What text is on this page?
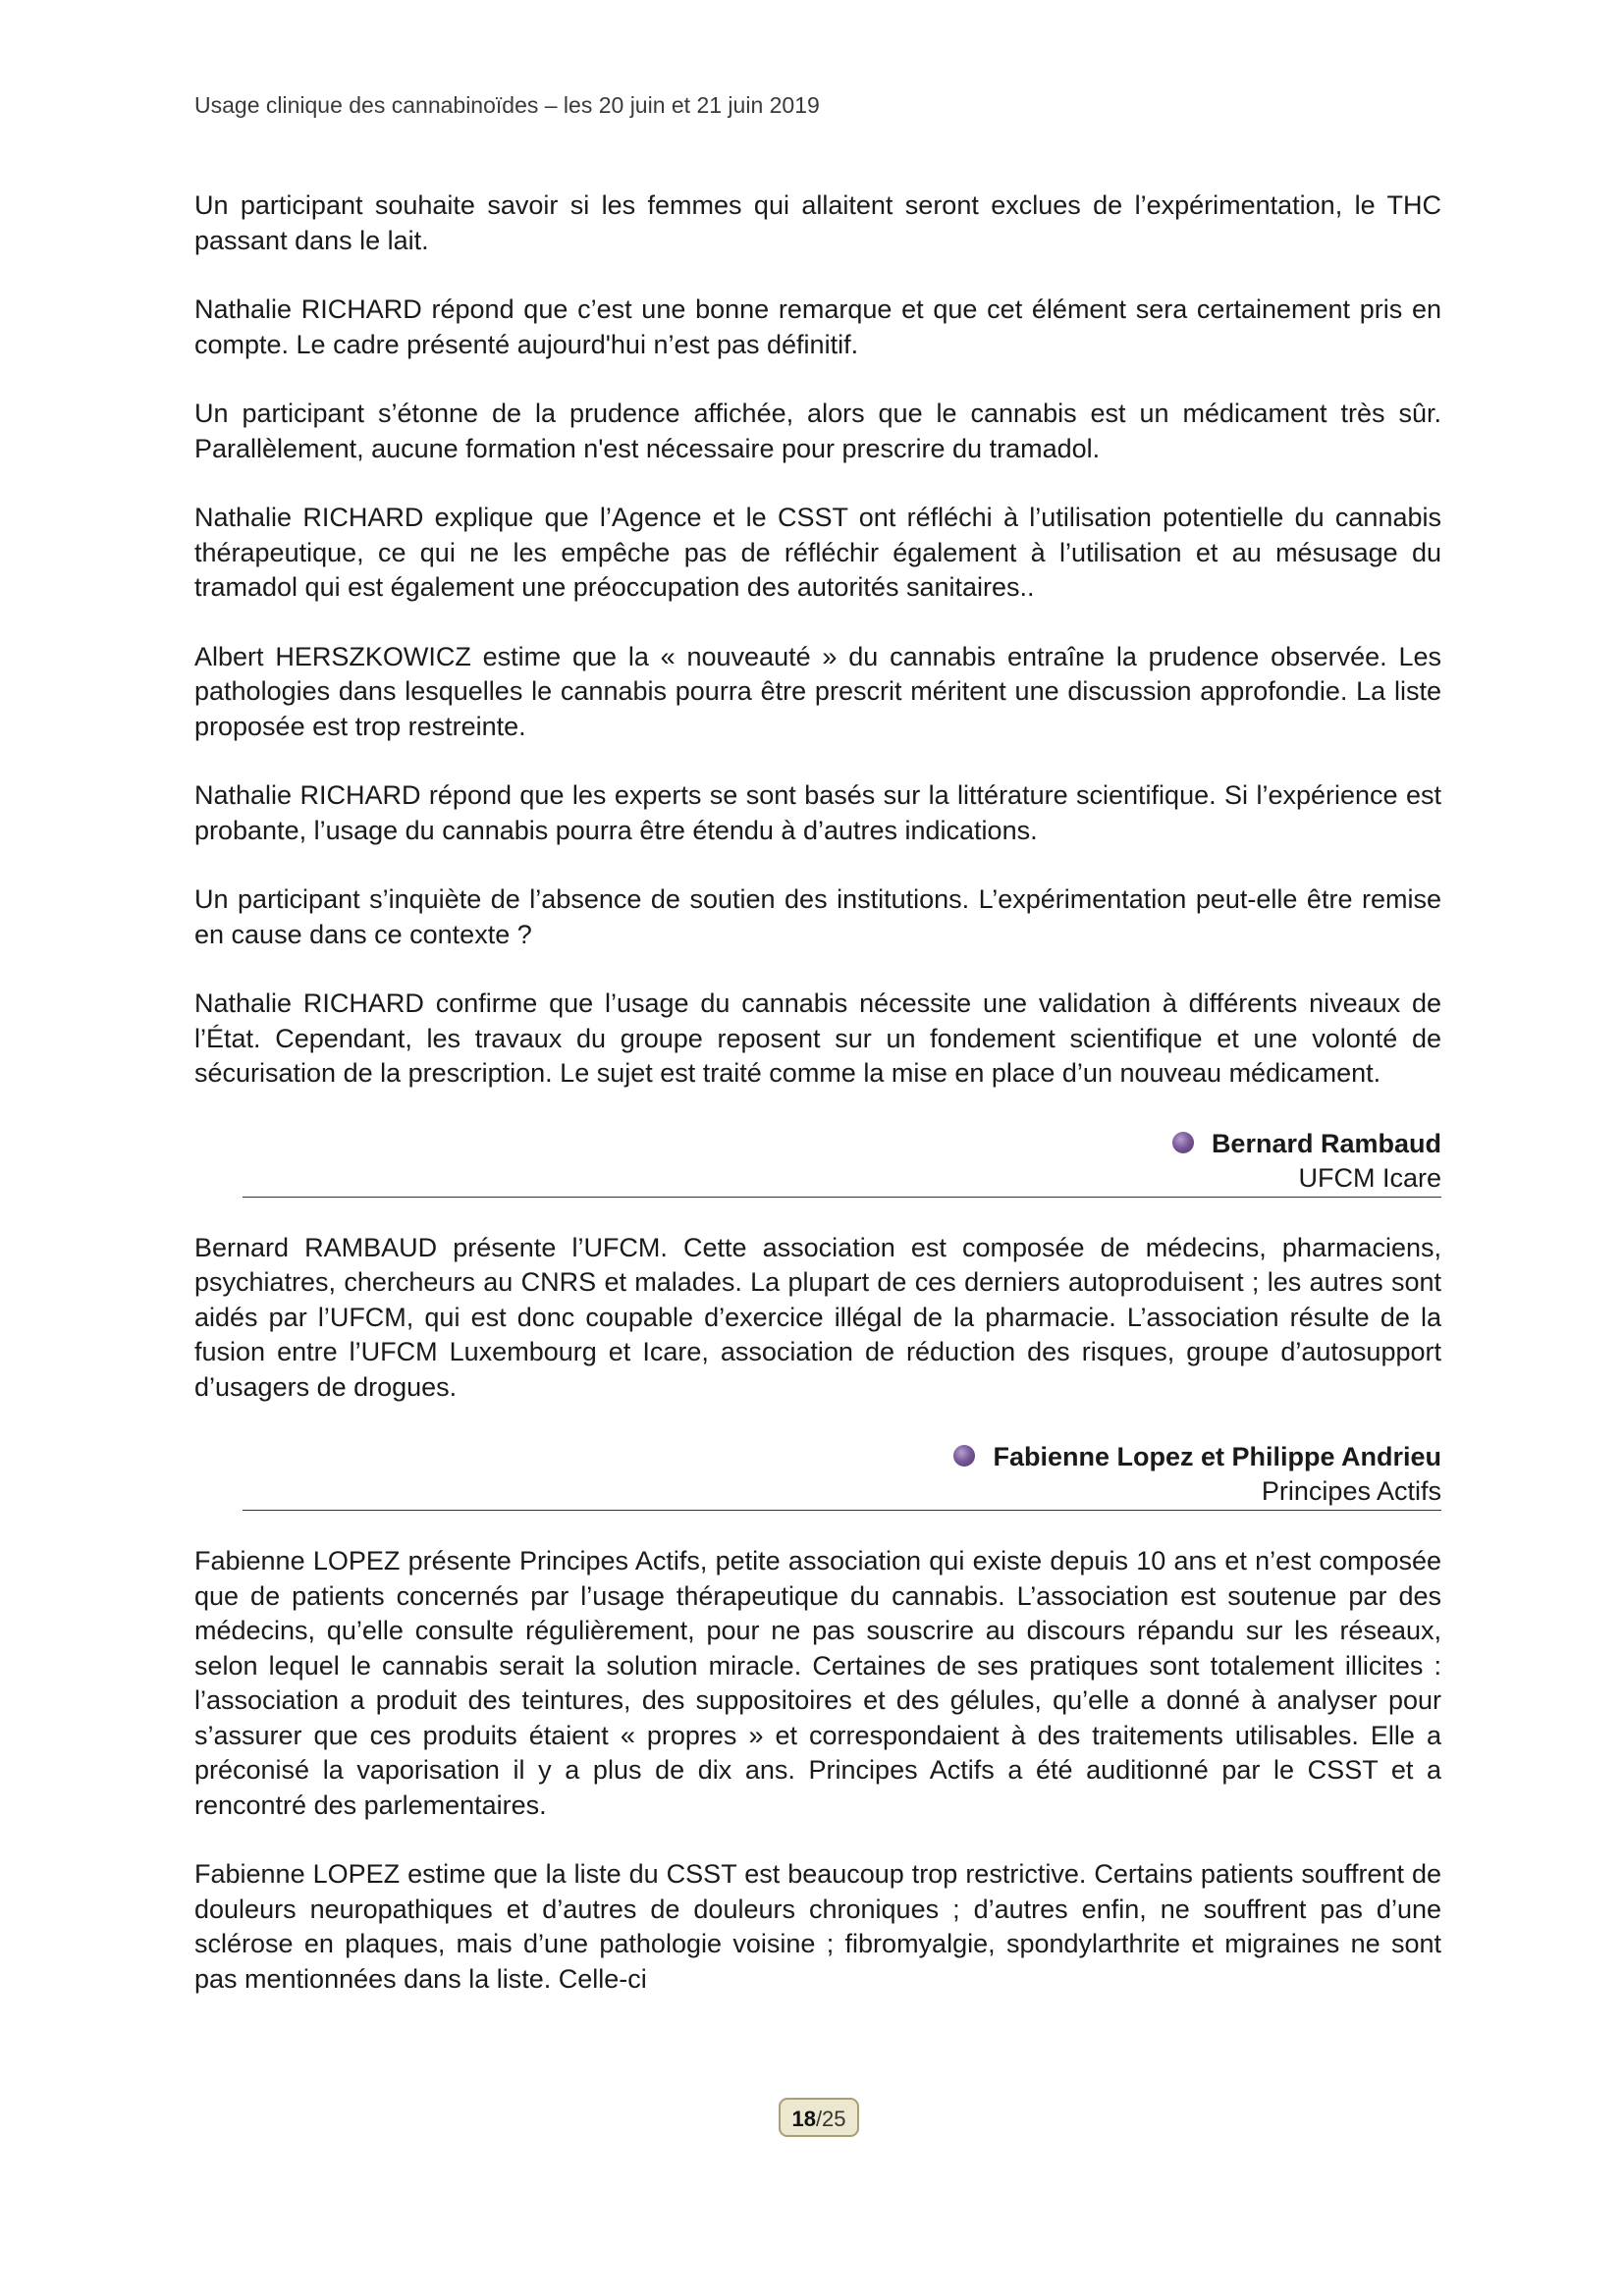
Usage clinique des cannabinoïdes – les 20 juin et 21 juin 2019

Un participant souhaite savoir si les femmes qui allaitent seront exclues de l’expérimentation, le THC passant dans le lait.

Nathalie RICHARD répond que c’est une bonne remarque et que cet élément sera certainement pris en compte. Le cadre présenté aujourd'hui n’est pas définitif.

Un participant s’étonne de la prudence affichée, alors que le cannabis est un médicament très sûr. Parallèlement, aucune formation n'est nécessaire pour prescrire du tramadol.

Nathalie RICHARD explique que l’Agence et le CSST ont réfléchi à l’utilisation potentielle du cannabis thérapeutique, ce qui ne les empêche pas de réfléchir également à l’utilisation et au mésusage du tramadol qui est également une préoccupation des autorités sanitaires..

Albert HERSZKOWICZ estime que la « nouveauté » du cannabis entraîne la prudence observée. Les pathologies dans lesquelles le cannabis pourra être prescrit méritent une discussion approfondie. La liste proposée est trop restreinte.

Nathalie RICHARD répond que les experts se sont basés sur la littérature scientifique. Si l’expérience est probante, l’usage du cannabis pourra être étendu à d’autres indications.

Un participant s’inquiète de l’absence de soutien des institutions. L’expérimentation peut-elle être remise en cause dans ce contexte ?

Nathalie RICHARD confirme que l’usage du cannabis nécessite une validation à différents niveaux de l’État. Cependant, les travaux du groupe reposent sur un fondement scientifique et une volonté de sécurisation de la prescription. Le sujet est traité comme la mise en place d’un nouveau médicament.

Bernard Rambaud
UFCM Icare

Bernard RAMBAUD présente l’UFCM. Cette association est composée de médecins, pharmaciens, psychiatres, chercheurs au CNRS et malades. La plupart de ces derniers autoproduisent ; les autres sont aidés par l’UFCM, qui est donc coupable d’exercice illégal de la pharmacie. L’association résulte de la fusion entre l’UFCM Luxembourg et Icare, association de réduction des risques, groupe d’autosupport d’usagers de drogues.

Fabienne Lopez et Philippe Andrieu
Principes Actifs

Fabienne LOPEZ présente Principes Actifs, petite association qui existe depuis 10 ans et n’est composée que de patients concernés par l’usage thérapeutique du cannabis. L’association est soutenue par des médecins, qu’elle consulte régulièrement, pour ne pas souscrire au discours répandu sur les réseaux, selon lequel le cannabis serait la solution miracle. Certaines de ses pratiques sont totalement illicites : l’association a produit des teintures, des suppositoires et des gélules, qu’elle a donné à analyser pour s’assurer que ces produits étaient « propres » et correspondaient à des traitements utilisables. Elle a préconisé la vaporisation il y a plus de dix ans. Principes Actifs a été auditionné par le CSST et a rencontré des parlementaires.

Fabienne LOPEZ estime que la liste du CSST est beaucoup trop restrictive. Certains patients souffrent de douleurs neuropathiques et d’autres de douleurs chroniques ; d’autres enfin, ne souffrent pas d’une sclérose en plaques, mais d’une pathologie voisine ; fibromyalgie, spondylarthrite et migraines ne sont pas mentionnées dans la liste. Celle-ci

18/25
